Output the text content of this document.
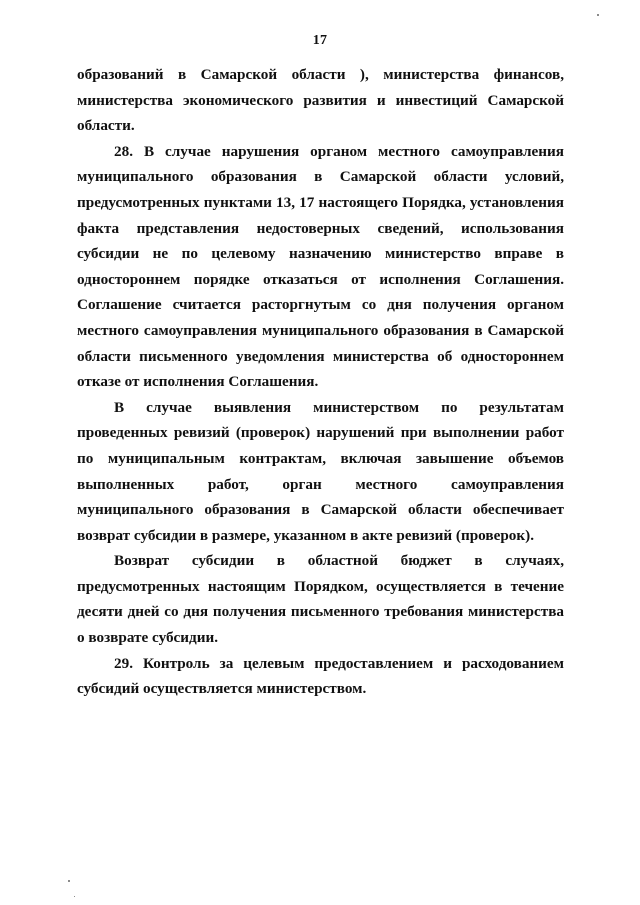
17

образований в Самарской области ), министерства финансов, министерства экономического развития и инвестиций Самарской области.

28. В случае нарушения органом местного самоуправления муниципального образования в Самарской области условий, предусмотренных пунктами 13, 17 настоящего Порядка, установления факта представления недостоверных сведений, использования субсидии не по целевому назначению министерство вправе в одностороннем порядке отказаться от исполнения Соглашения. Соглашение считается расторгнутым со дня получения органом местного самоуправления муниципального образования в Самарской области письменного уведомления министерства об одностороннем отказе от исполнения Соглашения.

В случае выявления министерством по результатам проведенных ревизий (проверок) нарушений при выполнении работ по муниципальным контрактам, включая завышение объемов выполненных работ, орган местного самоуправления муниципального образования в Самарской области обеспечивает возврат субсидии в размере, указанном в акте ревизий (проверок).

Возврат субсидии в областной бюджет в случаях, предусмотренных настоящим Порядком, осуществляется в течение десяти дней со дня получения письменного требования министерства о возврате субсидии.

29. Контроль за целевым предоставлением и расходованием субсидий осуществляется министерством.
